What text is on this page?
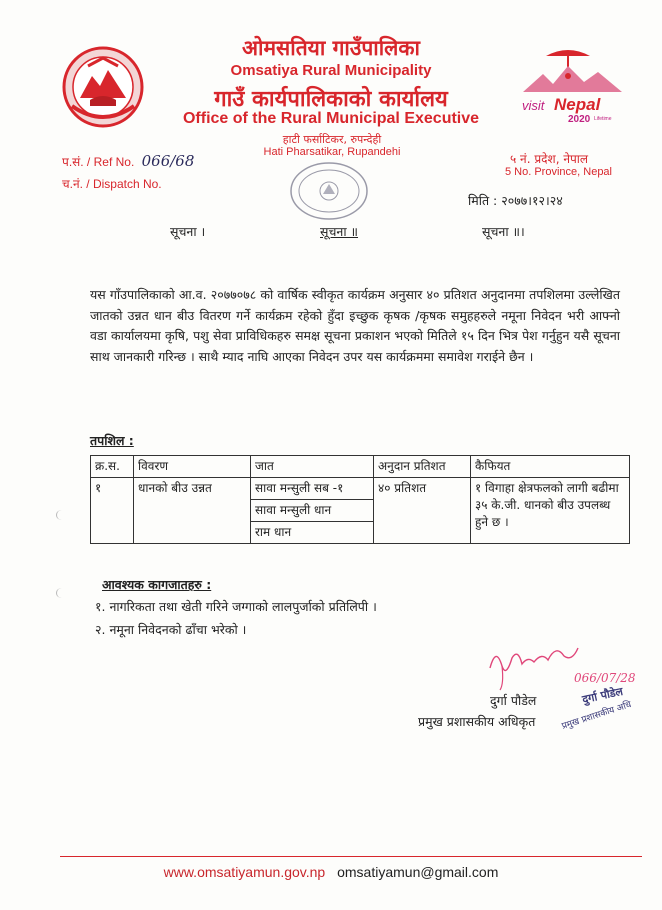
ओमसतिया गाउँपालिका
Omsatiya Rural Municipality
गाउँ कार्यपालिकाको कार्यालय
Office of the Rural Municipal Executive
हाटी फर्साटिकर, रुपन्देही
Hati Pharsatikar, Rupandehi
visit Nepal
2020 Lifetime
प.सं. / Ref No. 066/68
च.नं. / Dispatch No.
५ नं. प्रदेश, नेपाल
5 No. Province, Nepal
मिति : २०७७।१२।२४
सूचना ।	सूचना ॥	सूचना ॥।
यस गाँउपालिकाको आ.व. २०७७०७८ को वार्षिक स्वीकृत कार्यक्रम अनुसार ४० प्रतिशत अनुदानमा तपशिलमा उल्लेखित जातको उन्नत धान बीउ वितरण गर्ने कार्यक्रम रहेको हुँदा इच्छुक कृषक /कृषक समुहहरुले नमूना निवेदन भरी आफ्नो वडा कार्यालयमा कृषि, पशु सेवा प्राविधिकहरु समक्ष सूचना प्रकाशन भएको मितिले १५ दिन भित्र पेश गर्नुहुन यसै सूचना साथ जानकारी गरिन्छ । साथै म्याद नाघि आएका निवेदन उपर यस कार्यक्रममा समावेश गराईने छैन ।
तपशिल :
क्र.स.	विवरण	जात	अनुदान प्रतिशत	कैफियत
१	धानको बीउ उन्नत	सावा मन्सुली सब -१	४० प्रतिशत	१ विगाहा क्षेत्रफलको लागी बढीमा ३५ के.जी. धानको बीउ उपलब्ध हुने छ ।
		सावा मन्सुली धान		
		राम धान		
आवश्यक कागजातहरु :
१. नागरिकता तथा खेती गरिने जग्गाको लालपुर्जाको प्रतिलिपी ।
२. नमूना निवेदनको ढाँचा भरेको ।
066/07/28
दुर्गा पौडेल
प्रमुख प्रशासकीय अधि
दुर्गा पौडेल
प्रमुख प्रशासकीय अधिकृत
www.omsatiyamun.gov.np omsatiyamun@gmail.com
